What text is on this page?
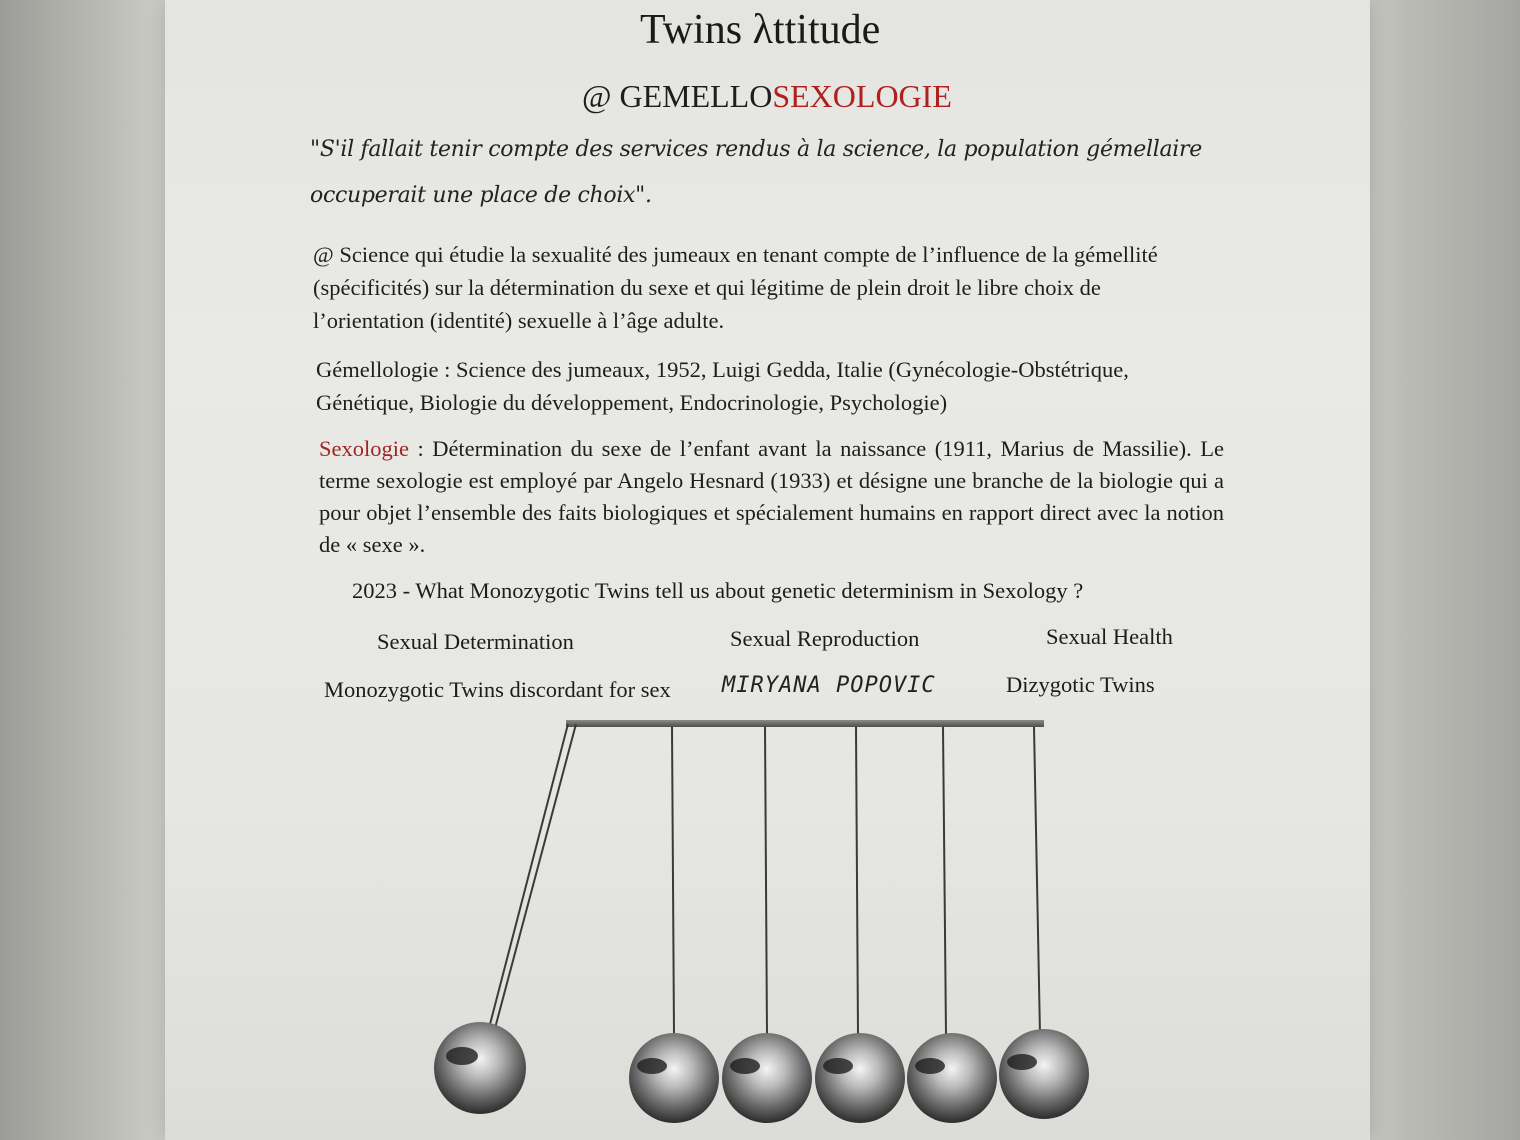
Twins λttitude
@ GEMELLOSEXOLOGIE
"S'il fallait tenir compte des services rendus à la science, la population gémellaire
occuperait une place de choix".
@ Science qui étudie la sexualité des jumeaux en tenant compte de l’influence de la gémellité (spécificités) sur la détermination du sexe et qui légitime de plein droit le libre choix de l’orientation (identité) sexuelle à l’âge adulte.
Gémellologie : Science des jumeaux, 1952, Luigi Gedda, Italie (Gynécologie-Obstétrique, Génétique, Biologie du développement, Endocrinologie, Psychologie)
Sexologie : Détermination du sexe de l’enfant avant la naissance (1911, Marius de Massilie). Le terme sexologie est employé par Angelo Hesnard (1933) et désigne une branche de la biologie qui a pour objet l’ensemble des faits biologiques et spécialement humains en rapport direct avec la notion de « sexe ».
2023 - What Monozygotic Twins tell us about genetic determinism in Sexology ?
Sexual Determination	Sexual Reproduction	Sexual Health
Monozygotic Twins discordant for sex MIRYANA POPOVIC	Dizygotic Twins
